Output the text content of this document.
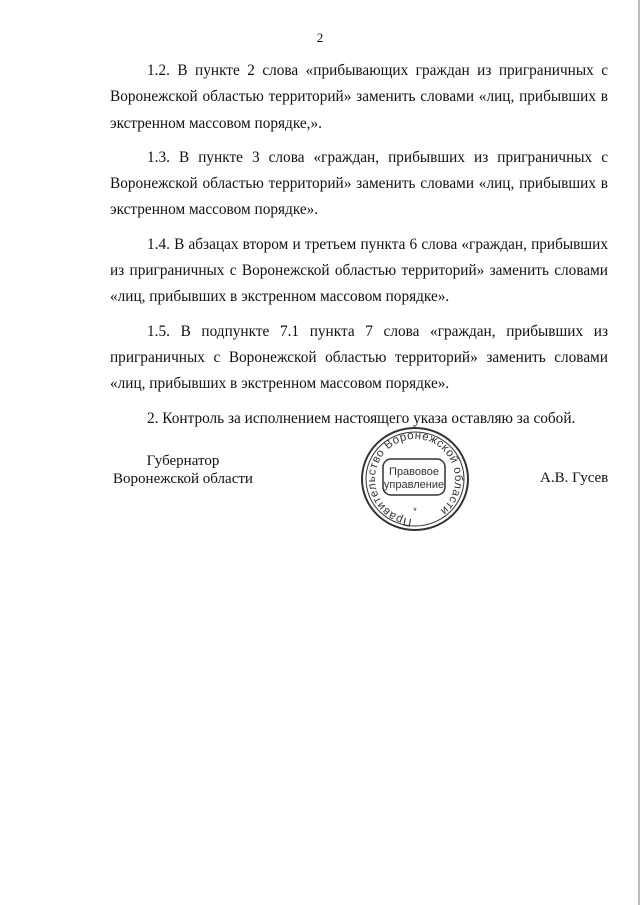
2

1.2. В пункте 2 слова «прибывающих граждан из приграничных с Воронежской областью территорий» заменить словами «лиц, прибывших в экстренном массовом порядке,».

1.3. В пункте 3 слова «граждан, прибывших из приграничных с Воронежской областью территорий» заменить словами «лиц, прибывших в экстренном массовом порядке».

1.4. В абзацах втором и третьем пункта 6 слова «граждан, прибывших из приграничных с Воронежской областью территорий» заменить словами «лиц, прибывших в экстренном массовом порядке».

1.5. В подпункте 7.1 пункта 7 слова «граждан, прибывших из приграничных с Воронежской областью территорий» заменить словами «лиц, прибывших в экстренном массовом порядке».

2. Контроль за исполнением настоящего указа оставляю за собой.

Губернатор
Воронежской области
Правительство Воронежской области
Правовое
управление
*
А.В. Гусев
